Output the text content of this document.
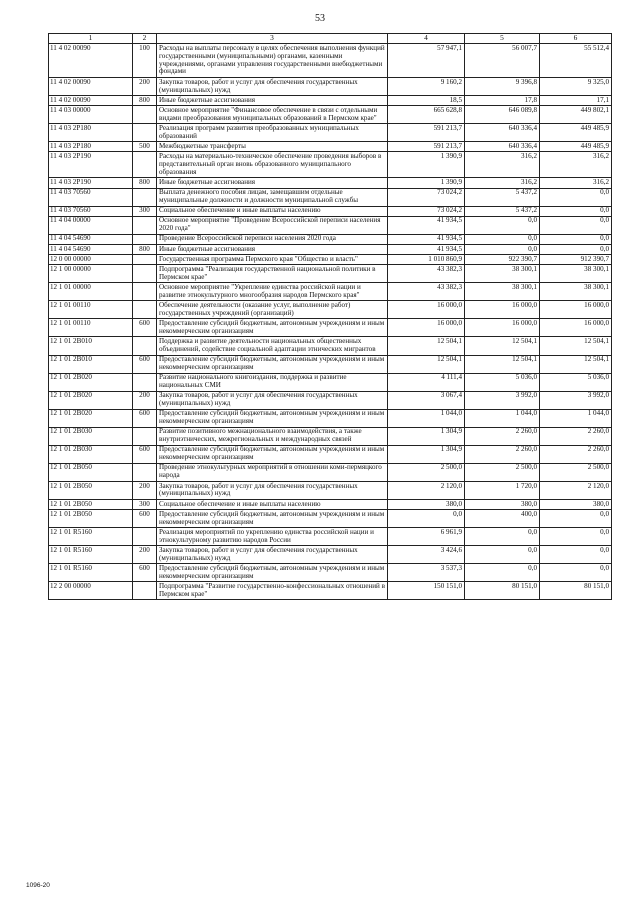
53
1	2	3	4	5	6
11 4 02 00090	100	Расходы на выплаты персоналу в целях обеспечения выполнения функций государственными (муниципальными) органами, казенными учреждениями, органами управления государственными внебюджетными фондами	57 947,1	56 007,7	55 512,4
11 4 02 00090	200	Закупка товаров, работ и услуг для обеспечения государственных (муниципальных) нужд	9 160,2	9 396,8	9 325,0
11 4 02 00090	800	Иные бюджетные ассигнования	18,5	17,8	17,1
11 4 03 00000		Основное мероприятие "Финансовое обеспечение в связи с отдельными видами преобразования муниципальных образований в Пермском крае"	665 628,8	646 089,8	449 802,1
11 4 03 2P180		Реализация программ развития преобразованных муниципальных образований	591 213,7	640 336,4	449 485,9
11 4 03 2P180	500	Межбюджетные трансферты	591 213,7	640 336,4	449 485,9
11 4 03 2P190		Расходы на материально-техническое обеспечение проведения выборов в представительный орган вновь образованного муниципального образования	1 390,9	316,2	316,2
11 4 03 2P190	800	Иные бюджетные ассигнования	1 390,9	316,2	316,2
11 4 03 70560		Выплата денежного пособия лицам, замещавшим отдельные муниципальные должности и должности муниципальной службы	73 024,2	5 437,2	0,0
11 4 03 70560	300	Социальное обеспечение и иные выплаты населению	73 024,2	5 437,2	0,0
11 4 04 00000		Основное мероприятие "Проведение Всероссийской переписи населения 2020 года"	41 934,5	0,0	0,0
11 4 04 54690		Проведение Всероссийской переписи населения 2020 года	41 934,5	0,0	0,0
11 4 04 54690	800	Иные бюджетные ассигнования	41 934,5	0,0	0,0
12 0 00 00000		Государственная программа Пермского края "Общество и власть"	1 010 860,9	922 390,7	912 390,7
12 1 00 00000		Подпрограмма "Реализация государственной национальной политики в Пермском крае"	43 382,3	38 300,1	38 300,1
12 1 01 00000		Основное мероприятие "Укрепление единства российской нации и развитие этнокультурного многообразия народов Пермского края"	43 382,3	38 300,1	38 300,1
12 1 01 00110		Обеспечение деятельности (оказание услуг, выполнение работ) государственных учреждений (организаций)	16 000,0	16 000,0	16 000,0
12 1 01 00110	600	Предоставление субсидий бюджетным, автономным учреждениям и иным некоммерческим организациям	16 000,0	16 000,0	16 000,0
12 1 01 2B010		Поддержка и развитие деятельности национальных общественных объединений, содействие социальной адаптации этнических мигрантов	12 504,1	12 504,1	12 504,1
12 1 01 2B010	600	Предоставление субсидий бюджетным, автономным учреждениям и иным некоммерческим организациям	12 504,1	12 504,1	12 504,1
12 1 01 2B020		Развитие национального книгоиздания, поддержка и развитие национальных СМИ	4 111,4	5 036,0	5 036,0
12 1 01 2B020	200	Закупка товаров, работ и услуг для обеспечения государственных (муниципальных) нужд	3 067,4	3 992,0	3 992,0
12 1 01 2B020	600	Предоставление субсидий бюджетным, автономным учреждениям и иным некоммерческим организациям	1 044,0	1 044,0	1 044,0
12 1 01 2B030		Развитие позитивного межнационального взаимодействия, а также внутриэтнических, межрегиональных и международных связей	1 304,9	2 260,0	2 260,0
12 1 01 2B030	600	Предоставление субсидий бюджетным, автономным учреждениям и иным некоммерческим организациям	1 304,9	2 260,0	2 260,0
12 1 01 2B050		Проведение этнокультурных мероприятий в отношении коми-пермяцкого народа	2 500,0	2 500,0	2 500,0
12 1 01 2B050	200	Закупка товаров, работ и услуг для обеспечения государственных (муниципальных) нужд	2 120,0	1 720,0	2 120,0
12 1 01 2B050	300	Социальное обеспечение и иные выплаты населению	380,0	380,0	380,0
12 1 01 2B050	600	Предоставление субсидий бюджетным, автономным учреждениям и иным некоммерческим организациям	0,0	400,0	0,0
12 1 01 R5160		Реализация мероприятий по укреплению единства российской нации и этнокультурному развитию народов России	6 961,9	0,0	0,0
12 1 01 R5160	200	Закупка товаров, работ и услуг для обеспечения государственных (муниципальных) нужд	3 424,6	0,0	0,0
12 1 01 R5160	600	Предоставление субсидий бюджетным, автономным учреждениям и иным некоммерческим организациям	3 537,3	0,0	0,0
12 2 00 00000		Подпрограмма "Развитие государственно-конфессиональных отношений в Пермском крае"	150 151,0	80 151,0	80 151,0
1096-20
